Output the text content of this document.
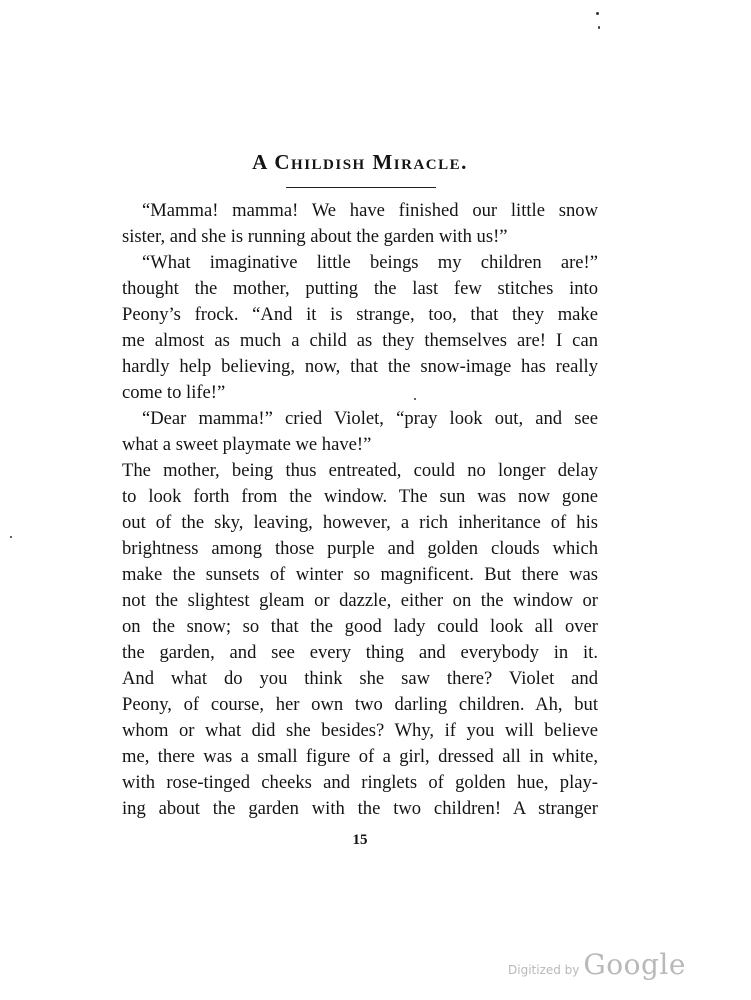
A Childish Miracle.
“Mamma! mamma! We have finished our little snow
sister, and she is running about the garden with us!”
“What imaginative little beings my children are!”
thought the mother, putting the last few stitches into
Peony’s frock. “And it is strange, too, that they make
me almost as much a child as they themselves are! I can
hardly help believing, now, that the snow-image has really
come to life!”
“Dear mamma!” cried Violet, “pray look out, and see
what a sweet playmate we have!”
The mother, being thus entreated, could no longer delay
to look forth from the window. The sun was now gone
out of the sky, leaving, however, a rich inheritance of his
brightness among those purple and golden clouds which
make the sunsets of winter so magnificent. But there was
not the slightest gleam or dazzle, either on the window or
on the snow; so that the good lady could look all over
the garden, and see every thing and everybody in it.
And what do you think she saw there? Violet and
Peony, of course, her own two darling children. Ah, but
whom or what did she besides? Why, if you will believe
me, there was a small figure of a girl, dressed all in white,
with rose-tinged cheeks and ringlets of golden hue, play-
ing about the garden with the two children! A stranger
15
Digitized by Google
